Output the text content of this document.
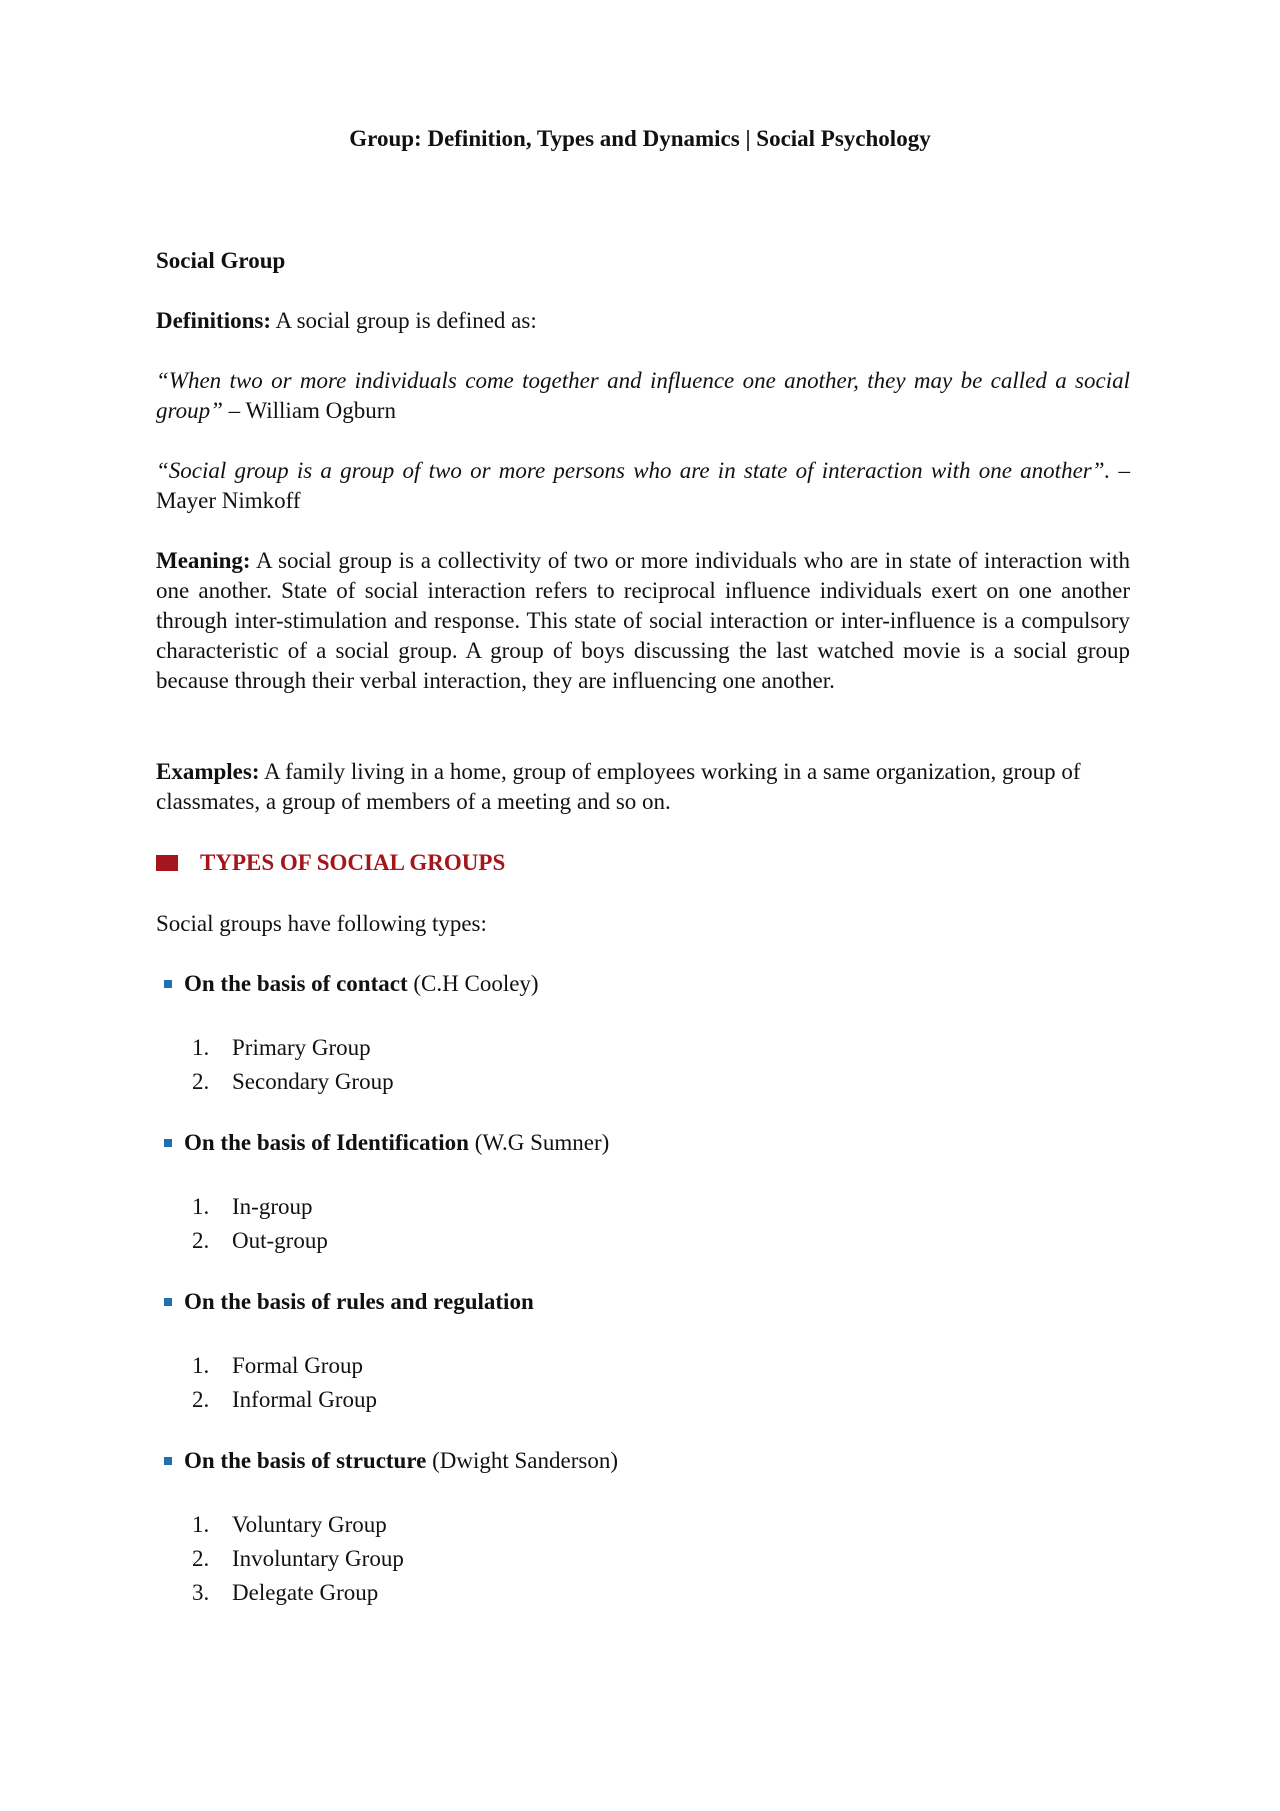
Group: Definition, Types and Dynamics | Social Psychology
Social Group
Definitions: A social group is defined as:
“When two or more individuals come together and influence one another, they may be called a social group” – William Ogburn
“Social group is a group of two or more persons who are in state of interaction with one another”. – Mayer Nimkoff
Meaning: A social group is a collectivity of two or more individuals who are in state of interaction with one another. State of social interaction refers to reciprocal influence individuals exert on one another through inter-stimulation and response. This state of social interaction or inter-influence is a compulsory characteristic of a social group. A group of boys discussing the last watched movie is a social group because through their verbal interaction, they are influencing one another.
Examples: A family living in a home, group of employees working in a same organization, group of classmates, a group of members of a meeting and so on.
TYPES OF SOCIAL GROUPS
Social groups have following types:
On the basis of contact (C.H Cooley)
1. Primary Group
2. Secondary Group
On the basis of Identification (W.G Sumner)
1. In-group
2. Out-group
On the basis of rules and regulation
1. Formal Group
2. Informal Group
On the basis of structure (Dwight Sanderson)
1. Voluntary Group
2. Involuntary Group
3. Delegate Group
